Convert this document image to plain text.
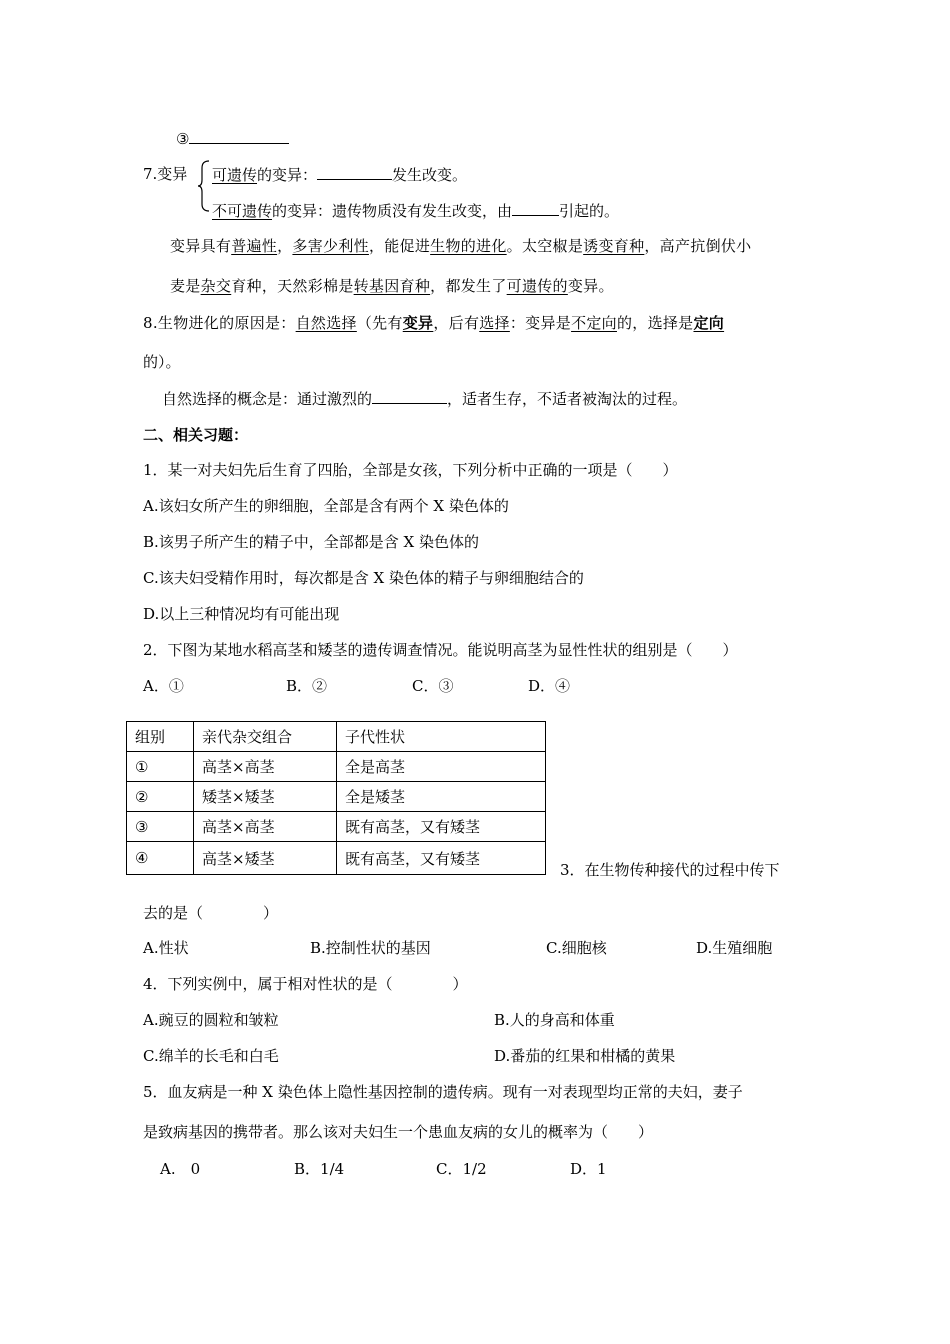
③
7.变异 可遗传的变异：	发生改变。
不可遗传的变异：遗传物质没有发生改变，由	引起的。
变异具有普遍性，多害少利性，能促进生物的进化。太空椒是诱变育种，高产抗倒伏小
麦是杂交育种，天然彩棉是转基因育种，都发生了可遗传的变异。
8.生物进化的原因是：自然选择（先有变异，后有选择：变异是不定向的，选择是定向
的）。
自然选择的概念是：通过激烈的	，适者生存，不适者被淘汰的过程。
二、相关习题：
1．某一对夫妇先后生育了四胎，全部是女孩，下列分析中正确的一项是（　　）
A.该妇女所产生的卵细胞，全部是含有两个 X 染色体的
B.该男子所产生的精子中，全部都是含 X 染色体的
C.该夫妇受精作用时，每次都是含 X 染色体的精子与卵细胞结合的
D.以上三种情况均有可能出现
2．下图为某地水稻高茎和矮茎的遗传调查情况。能说明高茎为显性性状的组别是（　　）
A．①	B．②	C．③	D．④
组别	亲代杂交组合	子代性状
①	高茎×高茎	全是高茎
②	矮茎×矮茎	全是矮茎
③	高茎×高茎	既有高茎，又有矮茎
④	高茎×矮茎	既有高茎，又有矮茎
3．在生物传种接代的过程中传下
去的是（　　　　）
A.性状	B.控制性状的基因	C.细胞核	D.生殖细胞
4．下列实例中，属于相对性状的是（　　　　）
A.豌豆的圆粒和皱粒	B.人的身高和体重
C.绵羊的长毛和白毛	D.番茄的红果和柑橘的黄果
5．血友病是一种 X 染色体上隐性基因控制的遗传病。现有一对表现型均正常的夫妇，妻子
是致病基因的携带者。那么该对夫妇生一个患血友病的女儿的概率为（　　）
A.　0	B．1/4	C．1/2	D．1
